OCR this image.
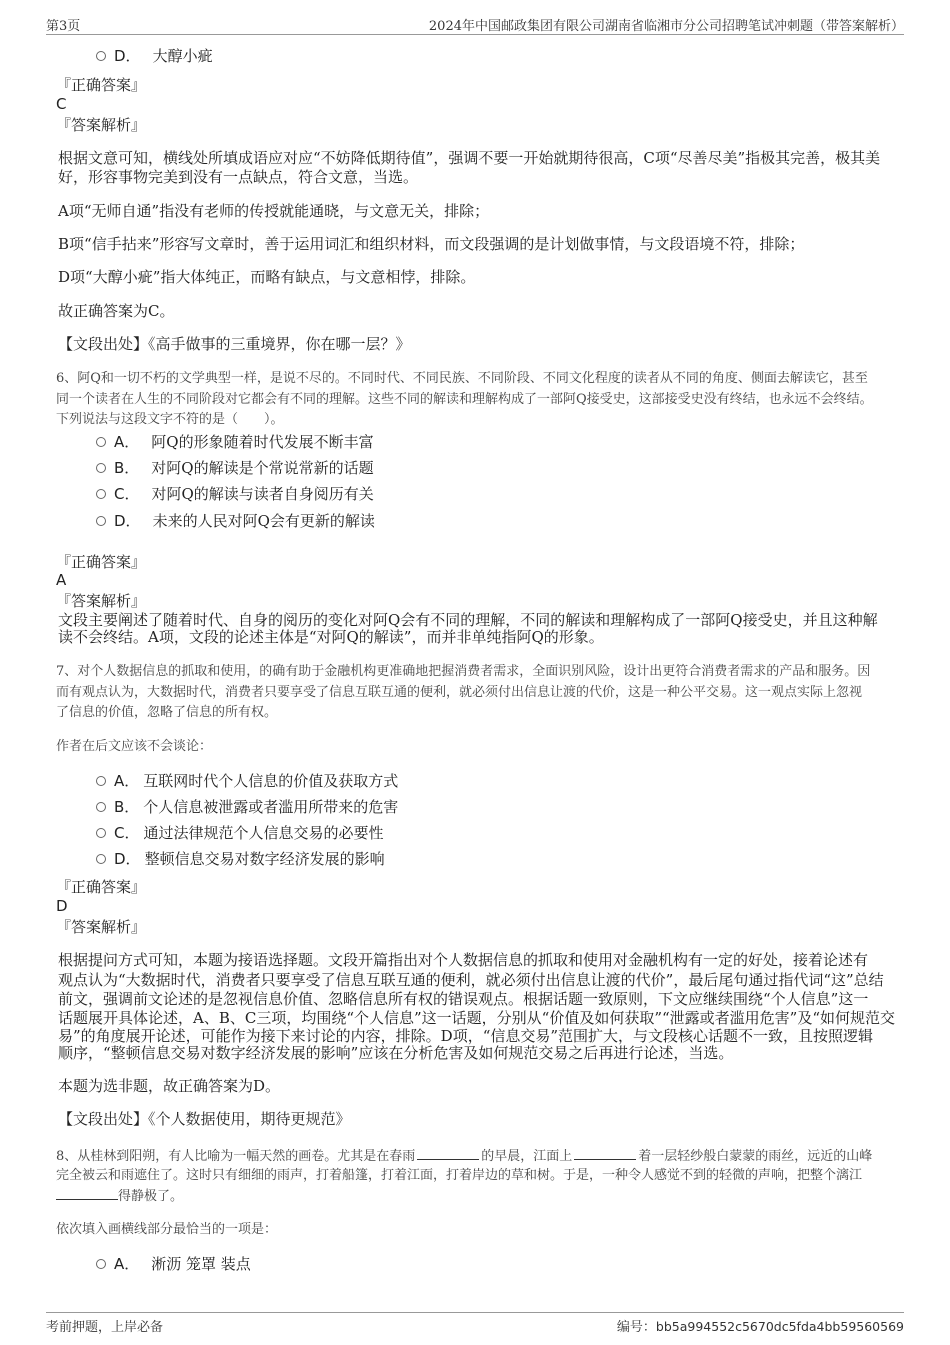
第3页	2024年中国邮政集团有限公司湖南省临湘市分公司招聘笔试冲刺题（带答案解析）
D． 大醇小疵
『正确答案』
C
『答案解析』
根据文意可知，横线处所填成语应对应“不妨降低期待值”，强调不要一开始就期待很高，C项“尽善尽美”指极其完善，极其美
好，形容事物完美到没有一点缺点，符合文意，当选。
A项“无师自通”指没有老师的传授就能通晓，与文意无关，排除；
B项“信手拈来”形容写文章时，善于运用词汇和组织材料，而文段强调的是计划做事情，与文段语境不符，排除；
D项“大醇小疵”指大体纯正，而略有缺点，与文意相悖，排除。
故正确答案为C。
【文段出处】《高手做事的三重境界，你在哪一层？》
6、阿Q和一切不朽的文学典型一样，是说不尽的。不同时代、不同民族、不同阶段、不同文化程度的读者从不同的角度、侧面去解读它，甚至
同一个读者在人生的不同阶段对它都会有不同的理解。这些不同的解读和理解构成了一部阿Q接受史，这部接受史没有终结，也永远不会终结。
下列说法与这段文字不符的是（　　）。
A． 阿Q的形象随着时代发展不断丰富
B． 对阿Q的解读是个常说常新的话题
C． 对阿Q的解读与读者自身阅历有关
D． 未来的人民对阿Q会有更新的解读
『正确答案』
A
『答案解析』
文段主要阐述了随着时代、自身的阅历的变化对阿Q会有不同的理解，不同的解读和理解构成了一部阿Q接受史，并且这种解
读不会终结。A项，文段的论述主体是“对阿Q的解读”，而并非单纯指阿Q的形象。
7、对个人数据信息的抓取和使用，的确有助于金融机构更准确地把握消费者需求，全面识别风险，设计出更符合消费者需求的产品和服务。因
而有观点认为，大数据时代，消费者只要享受了信息互联互通的便利，就必须付出信息让渡的代价，这是一种公平交易。这一观点实际上忽视
了信息的价值，忽略了信息的所有权。
作者在后文应该不会谈论：
A． 互联网时代个人信息的价值及获取方式
B． 个人信息被泄露或者滥用所带来的危害
C． 通过法律规范个人信息交易的必要性
D． 整顿信息交易对数字经济发展的影响
『正确答案』
D
『答案解析』
根据提问方式可知，本题为接语选择题。文段开篇指出对个人数据信息的抓取和使用对金融机构有一定的好处，接着论述有
观点认为“大数据时代，消费者只要享受了信息互联互通的便利，就必须付出信息让渡的代价”，最后尾句通过指代词“这”总结
前文，强调前文论述的是忽视信息价值、忽略信息所有权的错误观点。根据话题一致原则，下文应继续围绕“个人信息”这一
话题展开具体论述，A、B、C三项，均围绕“个人信息”这一话题，分别从“价值及如何获取”“泄露或者滥用危害”及“如何规范交
易”的角度展开论述，可能作为接下来讨论的内容，排除。D项，“信息交易”范围扩大，与文段核心话题不一致，且按照逻辑
顺序，“整顿信息交易对数字经济发展的影响”应该在分析危害及如何规范交易之后再进行论述，当选。
本题为选非题，故正确答案为D。
【文段出处】《个人数据使用，期待更规范》
8、从桂林到阳朔，有人比喻为一幅天然的画卷。尤其是在春雨	的早晨，江面上	着一层轻纱般白蒙蒙的雨丝，远近的山峰
完全被云和雨遮住了。这时只有细细的雨声，打着船篷，打着江面，打着岸边的草和树。于是，一种令人感觉不到的轻微的声响，把整个漓江
得静极了。
依次填入画横线部分最恰当的一项是：
A． 淅沥 笼罩 装点
考前押题，上岸必备	编号：bb5a994552c5670dc5fda4bb59560569
